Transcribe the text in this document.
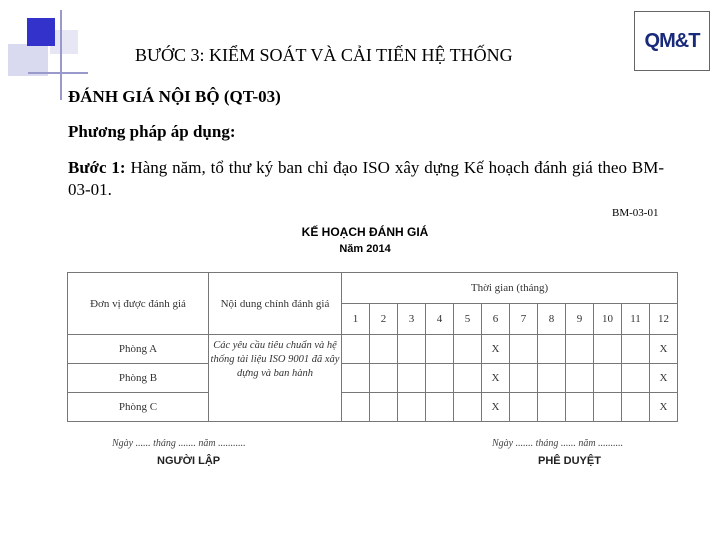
BƯỚC 3: KIỂM SOÁT VÀ CẢI TIẾN HỆ THỐNG
QM&T
ĐÁNH GIÁ NỘI BỘ (QT-03)
Phương pháp áp dụng:
Bước 1: Hàng năm, tổ thư ký ban chỉ đạo ISO xây dựng Kế hoạch đánh giá theo BM-03-01.
BM-03-01
KẾ HOẠCH ĐÁNH GIÁ
Năm 2014
Đơn vị được đánh giá	Nội dung chính đánh giá	Thời gian (tháng)											
		1	2	3	4	5	6	7	8	9	10	11	12
Phòng A	Các yêu cầu tiêu chuẩn và hệ thống tài liệu ISO 9001 đã xây dựng và ban hành						X						X
Phòng B							X						X
Phòng C							X						X
Ngày ...... tháng ....... năm ...........
NGƯỜI LẬP
Ngày ....... tháng ...... năm ..........
PHÊ DUYỆT
